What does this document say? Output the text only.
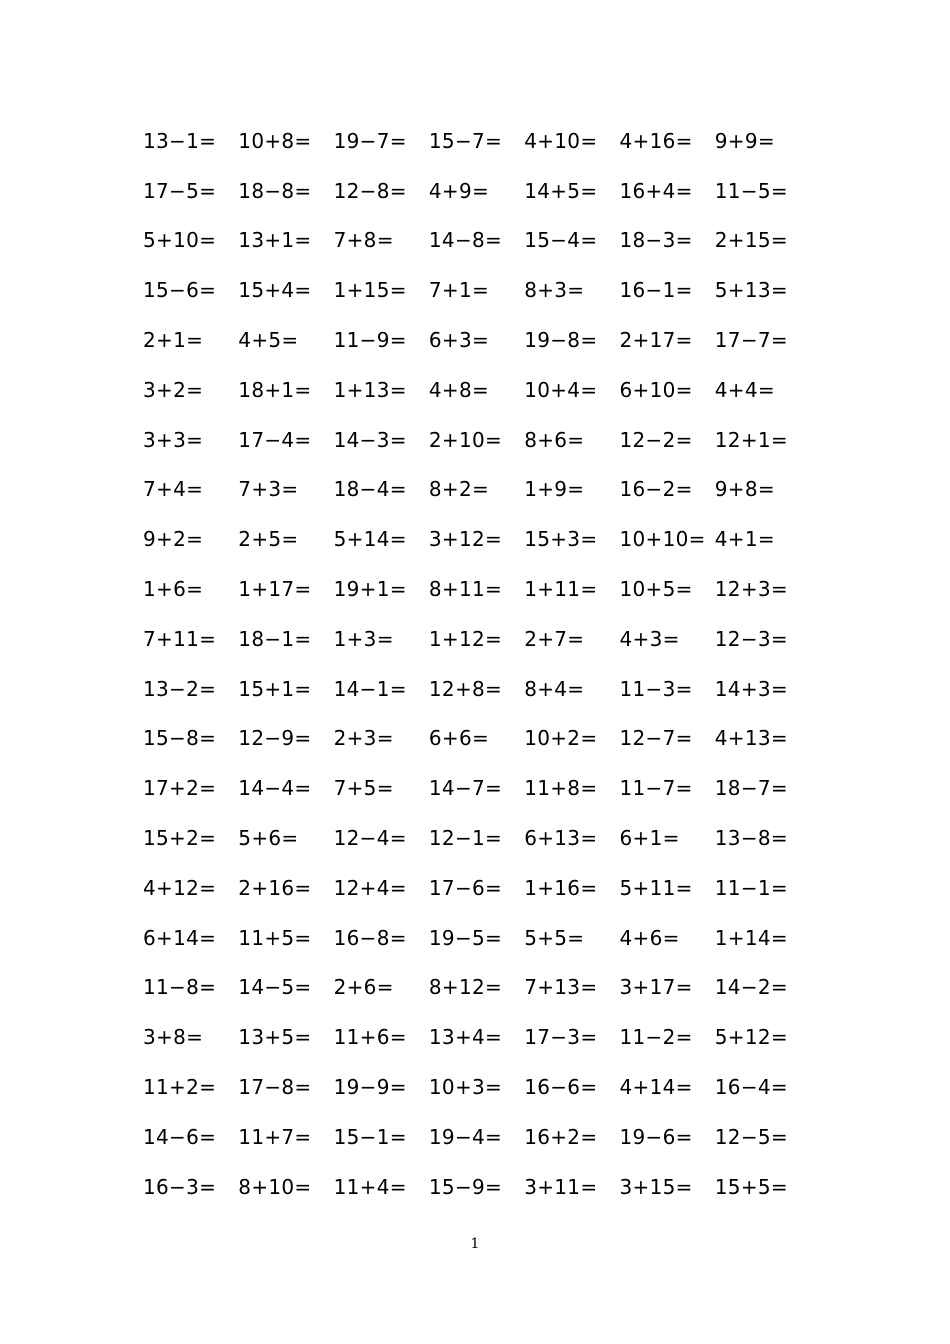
13−1=	10+8=	19−7=	15−7=	4+10=	4+16=	9+9=
17−5=	18−8=	12−8=	4+9=	14+5=	16+4=	11−5=
5+10=	13+1=	7+8=	14−8=	15−4=	18−3=	2+15=
15−6=	15+4=	1+15=	7+1=	8+3=	16−1=	5+13=
2+1=	4+5=	11−9=	6+3=	19−8=	2+17=	17−7=
3+2=	18+1=	1+13=	4+8=	10+4=	6+10=	4+4=
3+3=	17−4=	14−3=	2+10=	8+6=	12−2=	12+1=
7+4=	7+3=	18−4=	8+2=	1+9=	16−2=	9+8=
9+2=	2+5=	5+14=	3+12=	15+3=	10+10= 4+1=
1+6=	1+17=	19+1=	8+11=	1+11=	10+5=	12+3=
7+11=	18−1=	1+3=	1+12=	2+7=	4+3=	12−3=
13−2=	15+1=	14−1=	12+8=	8+4=	11−3=	14+3=
15−8=	12−9=	2+3=	6+6=	10+2=	12−7=	4+13=
17+2=	14−4=	7+5=	14−7=	11+8=	11−7=	18−7=
15+2=	5+6=	12−4=	12−1=	6+13=	6+1=	13−8=
4+12=	2+16=	12+4=	17−6=	1+16=	5+11=	11−1=
6+14=	11+5=	16−8=	19−5=	5+5=	4+6=	1+14=
11−8=	14−5=	2+6=	8+12=	7+13=	3+17=	14−2=
3+8=	13+5=	11+6=	13+4=	17−3=	11−2=	5+12=
11+2=	17−8=	19−9=	10+3=	16−6=	4+14=	16−4=
14−6=	11+7=	15−1=	19−4=	16+2=	19−6=	12−5=
16−3=	8+10=	11+4=	15−9=	3+11=	3+15=	15+5=
1
